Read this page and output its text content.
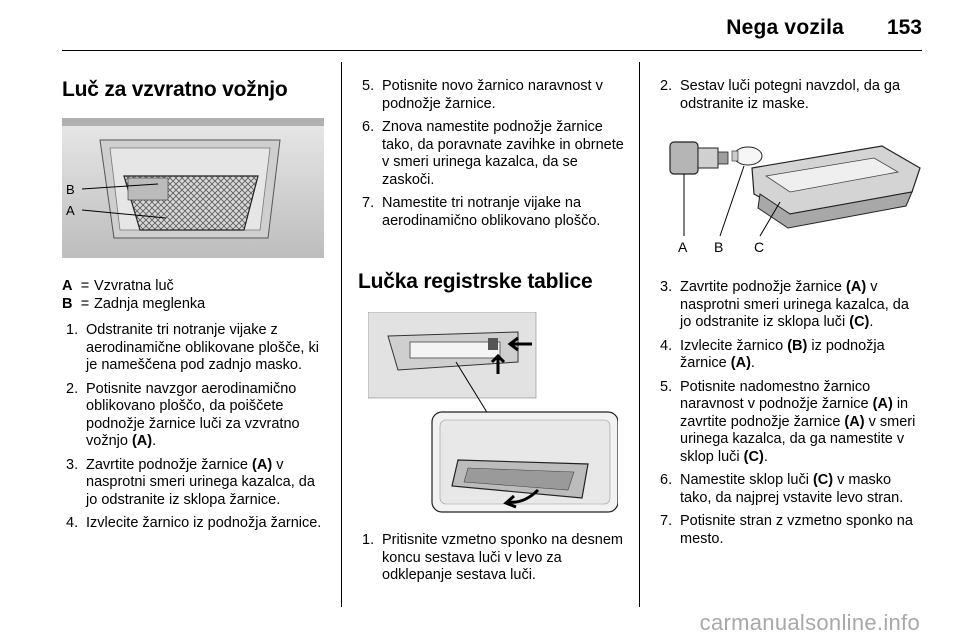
Nega vozila 153
Luč za vzvratno vožnjo
B
A
A = Vzvratna luč
B = Zadnja meglenka
1. Odstranite tri notranje vijake z aerodinamične oblikovane plošče, ki je nameščena pod zadnjo masko.
2. Potisnite navzgor aerodinamično oblikovano ploščo, da poiščete podnožje žarnice luči za vzvratno vožnjo (A).
3. Zavrtite podnožje žarnice (A) v nasprotni smeri urinega kazalca, da jo odstranite iz sklopa žarnice.
4. Izvlecite žarnico iz podnožja žarnice.
5. Potisnite novo žarnico naravnost v podnožje žarnice.
6. Znova namestite podnožje žarnice tako, da poravnate zavihke in obrnete v smeri urinega kazalca, da se zaskoči.
7. Namestite tri notranje vijake na aerodinamično oblikovano ploščo.
Lučka registrske tablice
1. Pritisnite vzmetno sponko na desnem koncu sestava luči v levo za odklepanje sestava luči.
2. Sestav luči potegni navzdol, da ga odstranite iz maske.
A B C
3. Zavrtite podnožje žarnice (A) v nasprotni smeri urinega kazalca, da jo odstranite iz sklopa luči (C).
4. Izvlecite žarnico (B) iz podnožja žarnice (A).
5. Potisnite nadomestno žarnico naravnost v podnožje žarnice (A) in zavrtite podnožje žarnice (A) v smeri urinega kazalca, da ga namestite v sklop luči (C).
6. Namestite sklop luči (C) v masko tako, da najprej vstavite levo stran.
7. Potisnite stran z vzmetno sponko na mesto.
carmanualsonline.info
